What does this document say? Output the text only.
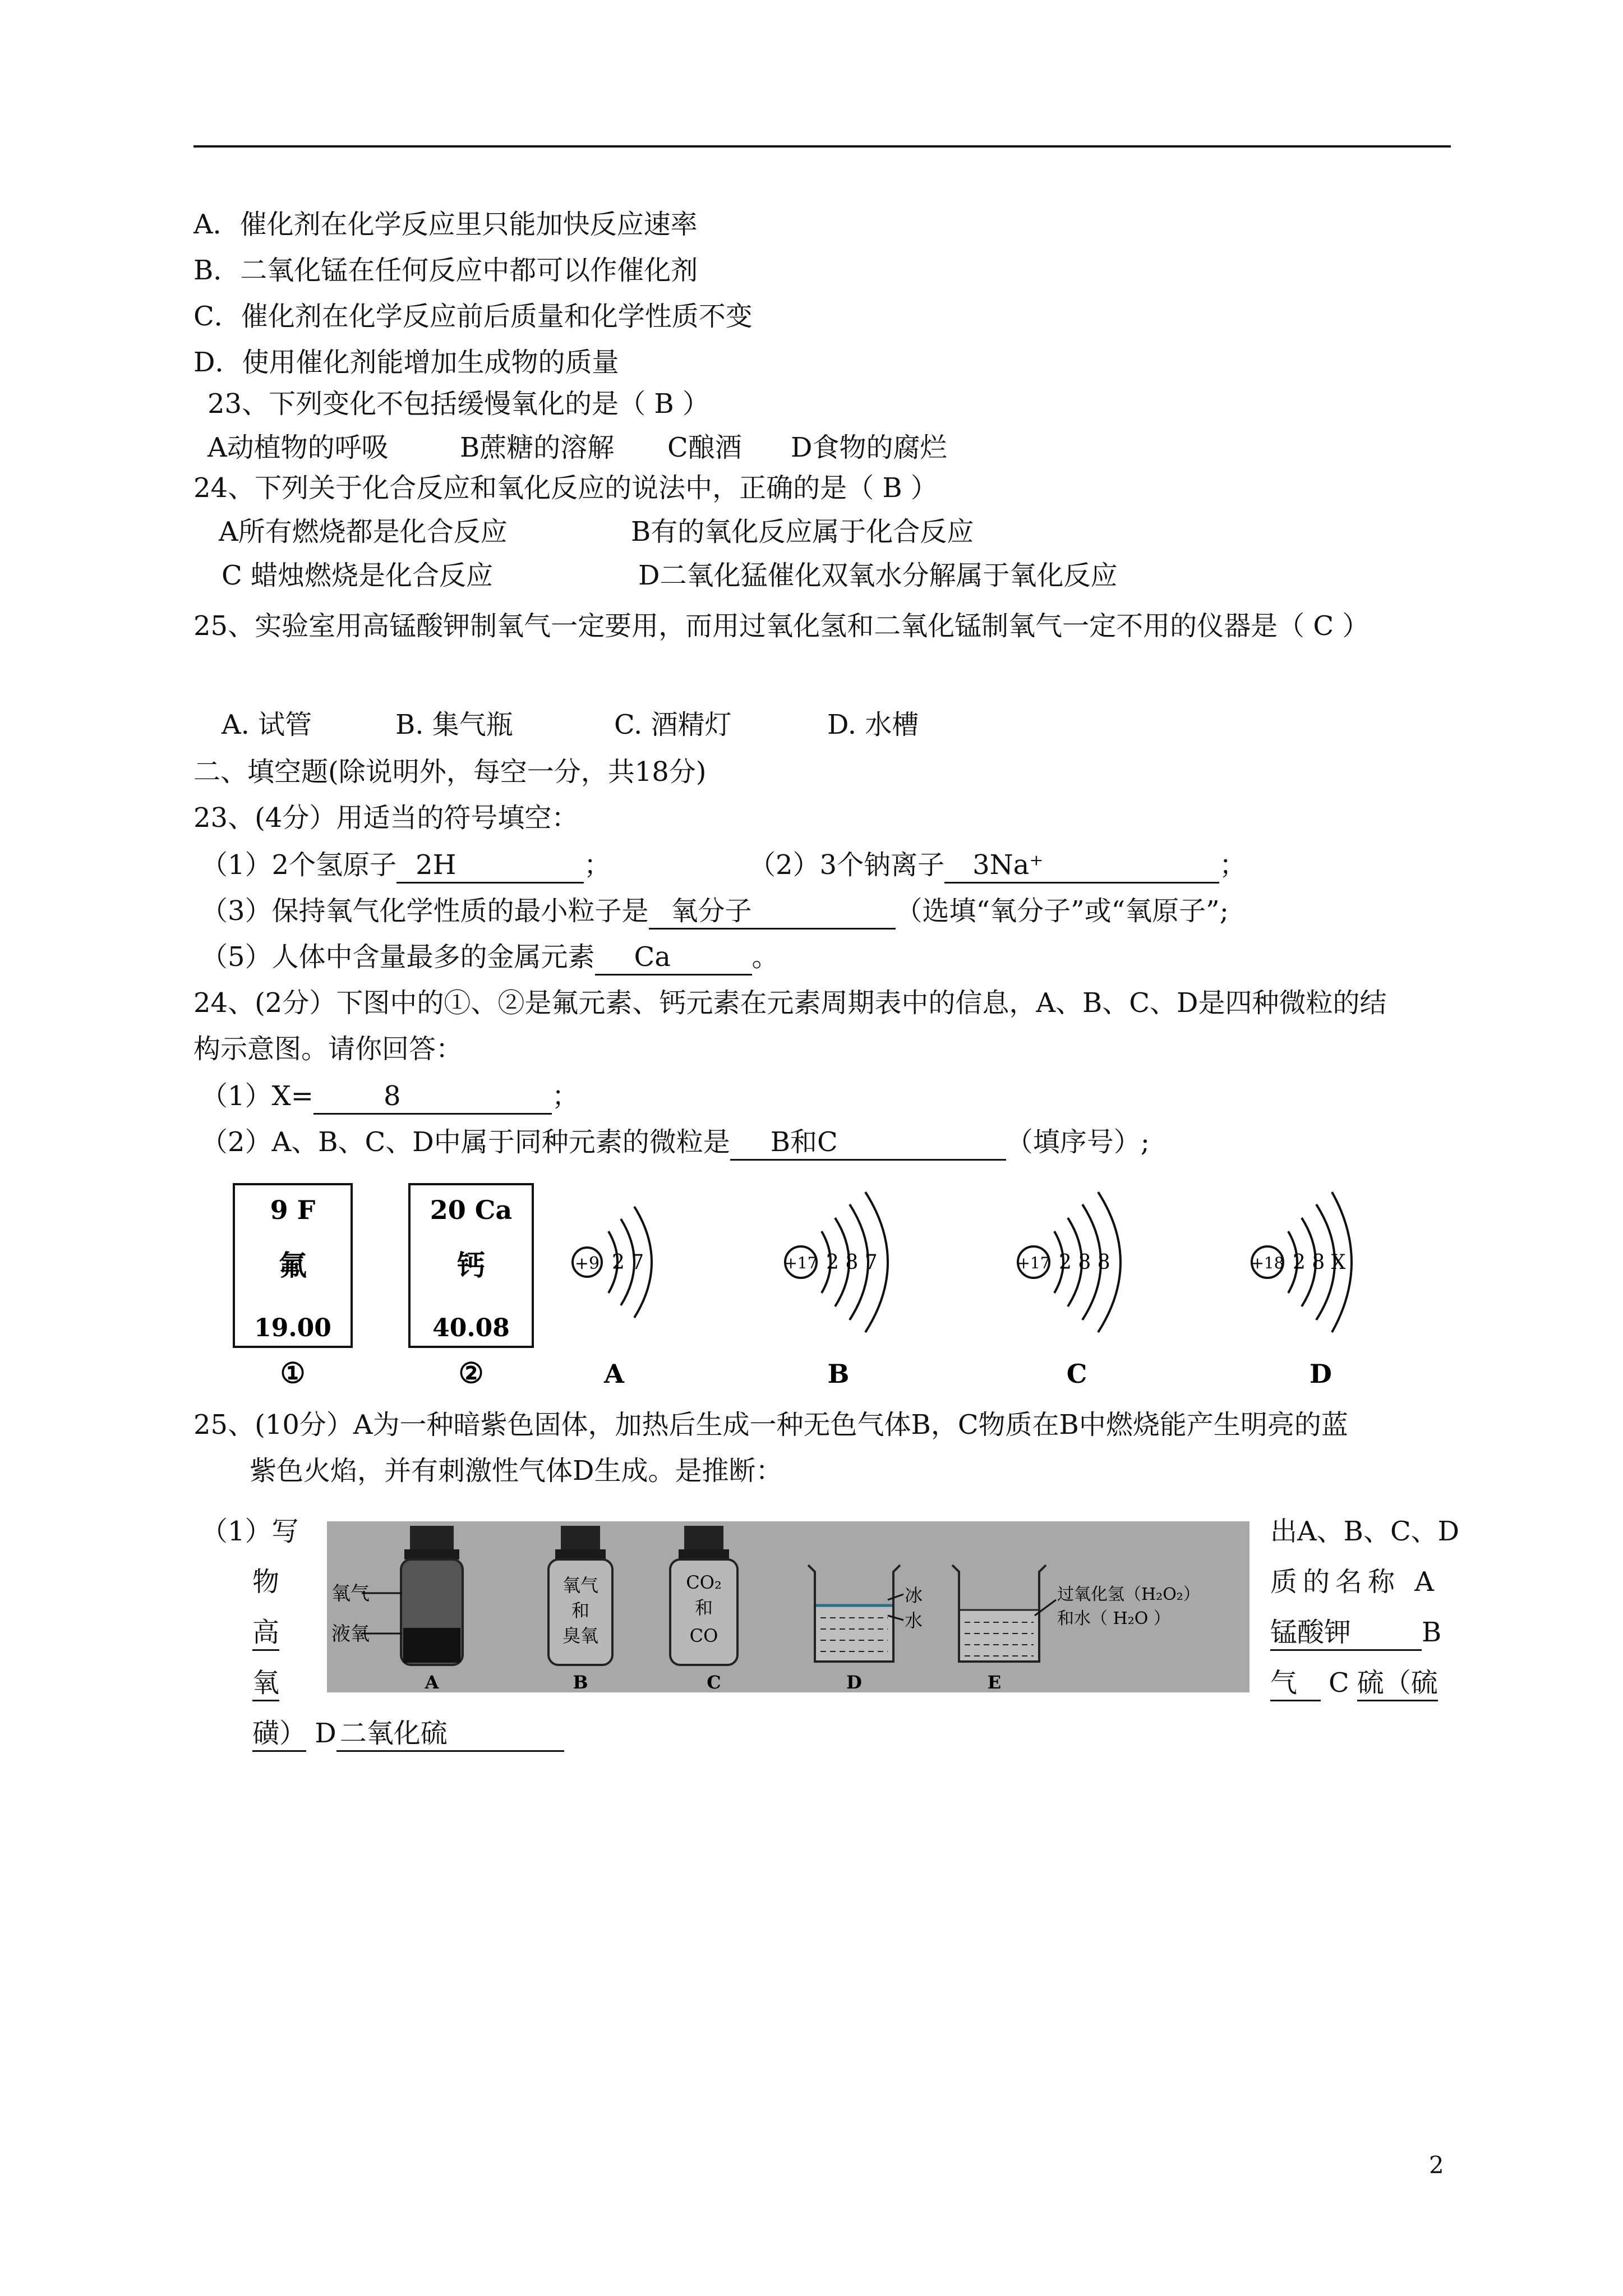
A．催化剂在化学反应里只能加快反应速率
B．二氧化锰在任何反应中都可以作催化剂
C．催化剂在化学反应前后质量和化学性质不变
D．使用催化剂能增加生成物的质量
23、下列变化不包括缓慢氧化的是（ B ）
A动植物的呼吸	B蔗糖的溶解 C酿酒 D食物的腐烂
24、下列关于化合反应和氧化反应的说法中，正确的是（ B ）
A所有燃烧都是化合反应	B有的氧化反应属于化合反应
C 蜡烛燃烧是化合反应	D二氧化猛催化双氧水分解属于氧化反应
25、实验室用高锰酸钾制氧气一定要用，而用过氧化氢和二氧化锰制氧气一定不用的仪器是（ C ）
A. 试管	B. 集气瓶	C. 酒精灯	D. 水槽
二、填空题(除说明外，每空一分，共18分)
23、(4分）用适当的符号填空：
（1）2个氢原子 2H	；	（2）3个钠离子 3Na⁺	；
（3）保持氧气化学性质的最小粒子是 氧分子	（选填“氧分子”或“氧原子”;
（5）人体中含量最多的金属元素 Ca	。
24、(2分）下图中的①、②是氟元素、钙元素在元素周期表中的信息，A、B、C、D是四种微粒的结
构示意图。请你回答：
（1）X=	8	；
（2）A、B、C、D中属于同种元素的微粒是 B和C	（填序号）;
9 F
氟
19.00
①
20 Ca
钙
40.08
②
+9 2 7
A
+17 2 8 7
B
+17 2 8 8
C
+18 2 8 X
D
25、(10分）A为一种暗紫色固体，加热后生成一种无色气体B，C物质在B中燃烧能产生明亮的蓝
紫色火焰，并有刺激性气体D生成。是推断：
（1）写
物
高
氧
磺） D 二氧化硫
出A、B、C、D
质的名称 A
锰酸钾	B
气 C 硫（硫
氧气
液氧
A
氧气
和
臭氧
B
CO₂
和
CO
C
冰
水
D
过氧化氢（H₂O₂）
和水（ H₂O ）
E
2
